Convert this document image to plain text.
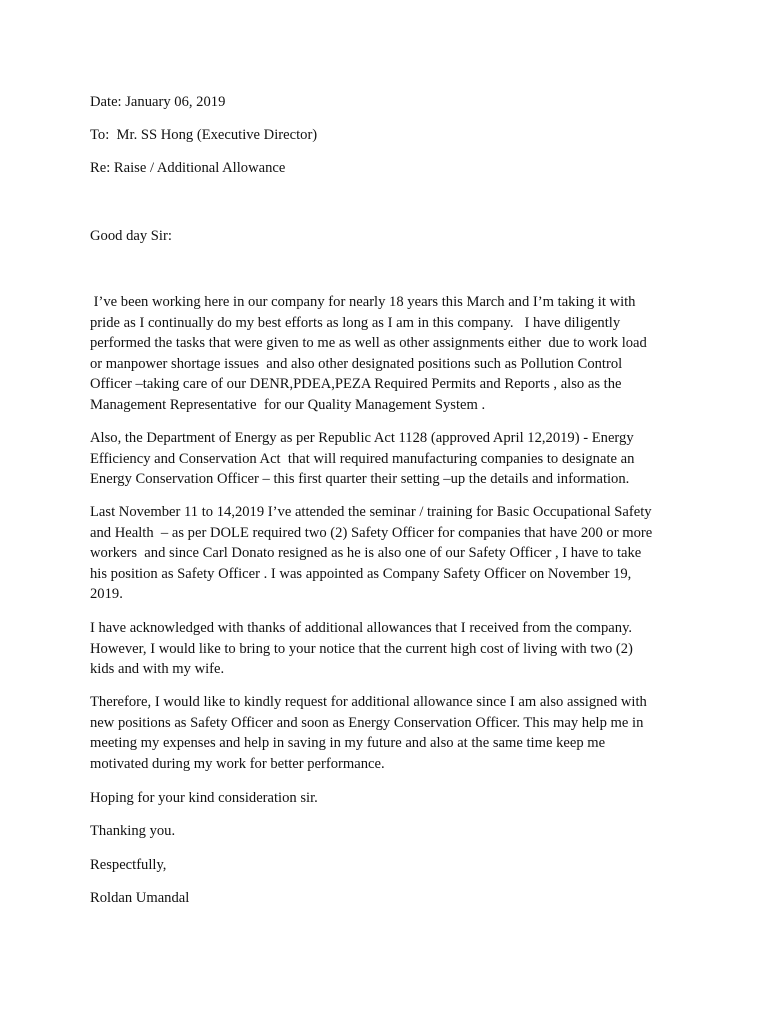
Date: January 06, 2019

To:  Mr. SS Hong (Executive Director)

Re: Raise / Additional Allowance

Good day Sir:

I’ve been working here in our company for nearly 18 years this March and I’m taking it with
pride as I continually do my best efforts as long as I am in this company.   I have diligently
performed the tasks that were given to me as well as other assignments either  due to work load
or manpower shortage issues  and also other designated positions such as Pollution Control
Officer –taking care of our DENR,PDEA,PEZA Required Permits and Reports , also as the
Management Representative  for our Quality Management System .
Also, the Department of Energy as per Republic Act 1128 (approved April 12,2019) - Energy
Efficiency and Conservation Act  that will required manufacturing companies to designate an
Energy Conservation Officer – this first quarter their setting –up the details and information.
Last November 11 to 14,2019 I’ve attended the seminar / training for Basic Occupational Safety
and Health  – as per DOLE required two (2) Safety Officer for companies that have 200 or more
workers  and since Carl Donato resigned as he is also one of our Safety Officer , I have to take
his position as Safety Officer . I was appointed as Company Safety Officer on November 19,
2019.
I have acknowledged with thanks of additional allowances that I received from the company.
However, I would like to bring to your notice that the current high cost of living with two (2)
kids and with my wife.
Therefore, I would like to kindly request for additional allowance since I am also assigned with
new positions as Safety Officer and soon as Energy Conservation Officer. This may help me in
meeting my expenses and help in saving in my future and also at the same time keep me
motivated during my work for better performance.

Hoping for your kind consideration sir.

Thanking you.

Respectfully,

Roldan Umandal
